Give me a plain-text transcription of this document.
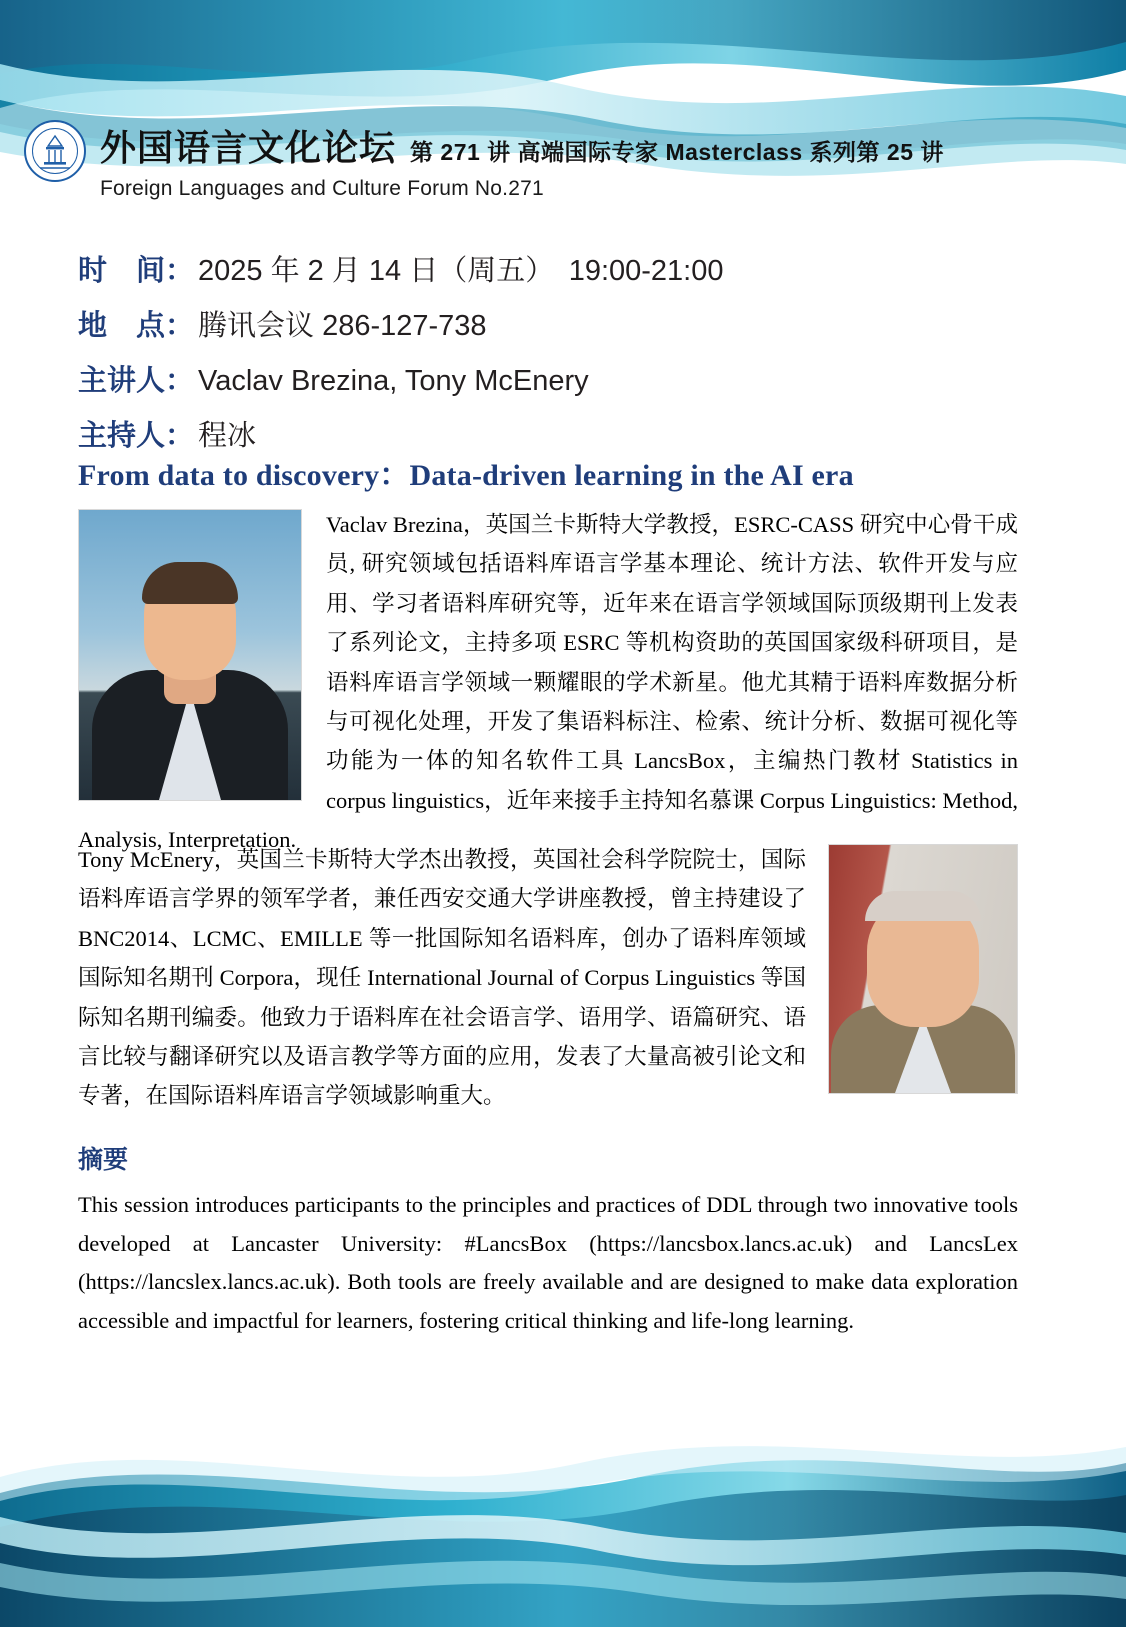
外国语言文化论坛 第 271 讲 高端国际专家 Masterclass 系列第 25 讲
Foreign Languages and Culture Forum No.271
时　间： 2025 年 2 月 14 日（周五）　19:00-21:00
地　点： 腾讯会议 286-127-738
主讲人： Vaclav Brezina, Tony McEnery
主持人： 程冰
From data to discovery：Data-driven learning in the AI era
Vaclav Brezina，英国兰卡斯特大学教授，ESRC-CASS 研究中心骨干成员, 研究领域包括语料库语言学基本理论、统计方法、软件开发与应用、学习者语料库研究等，近年来在语言学领域国际顶级期刊上发表了系列论文，主持多项 ESRC 等机构资助的英国国家级科研项目，是语料库语言学领域一颗耀眼的学术新星。他尤其精于语料库数据分析与可视化处理，开发了集语料标注、检索、统计分析、数据可视化等功能为一体的知名软件工具 LancsBox，主编热门教材 Statistics in corpus linguistics，近年来接手主持知名慕课 Corpus Linguistics: Method, Analysis, Interpretation.
Tony McEnery，英国兰卡斯特大学杰出教授，英国社会科学院院士，国际语料库语言学界的领军学者，兼任西安交通大学讲座教授，曾主持建设了 BNC2014、LCMC、EMILLE 等一批国际知名语料库，创办了语料库领域国际知名期刊 Corpora，现任 International Journal of Corpus Linguistics 等国际知名期刊编委。他致力于语料库在社会语言学、语用学、语篇研究、语言比较与翻译研究以及语言教学等方面的应用，发表了大量高被引论文和专著，在国际语料库语言学领域影响重大。
摘要
This session introduces participants to the principles and practices of DDL through two innovative tools developed at Lancaster University: #LancsBox (https://lancsbox.lancs.ac.uk) and LancsLex (https://lancslex.lancs.ac.uk). Both tools are freely available and are designed to make data exploration accessible and impactful for learners, fostering critical thinking and life-long learning.
